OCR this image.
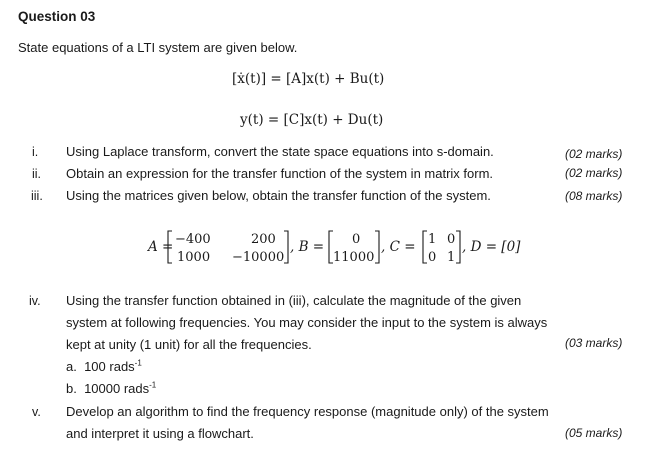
Question 03
State equations of a LTI system are given below.
[ẋ(t)] = [A]x(t) + Bu(t)
y(t) = [C]x(t) + Du(t)
i. Using Laplace transform, convert the state space equations into s-domain.	(02 marks)
ii. Obtain an expression for the transfer function of the system in matrix form.	(02 marks)
iii. Using the matrices given below, obtain the transfer function of the system.	(08 marks)
A = −400	200
1000 −10000
, B = 0
11000
, C = 1 0
0 1
, D = [0]
iv. Using the transfer function obtained in (iii), calculate the magnitude of the given
system at following frequencies. You may consider the input to the system is always
kept at unity (1 unit) for all the frequencies.	(03 marks)
a. 100 rads$^{-1}$
b. 10000 rads$^{-1}$
v. Develop an algorithm to find the frequency response (magnitude only) of the system
and interpret it using a flowchart.	(05 marks)
